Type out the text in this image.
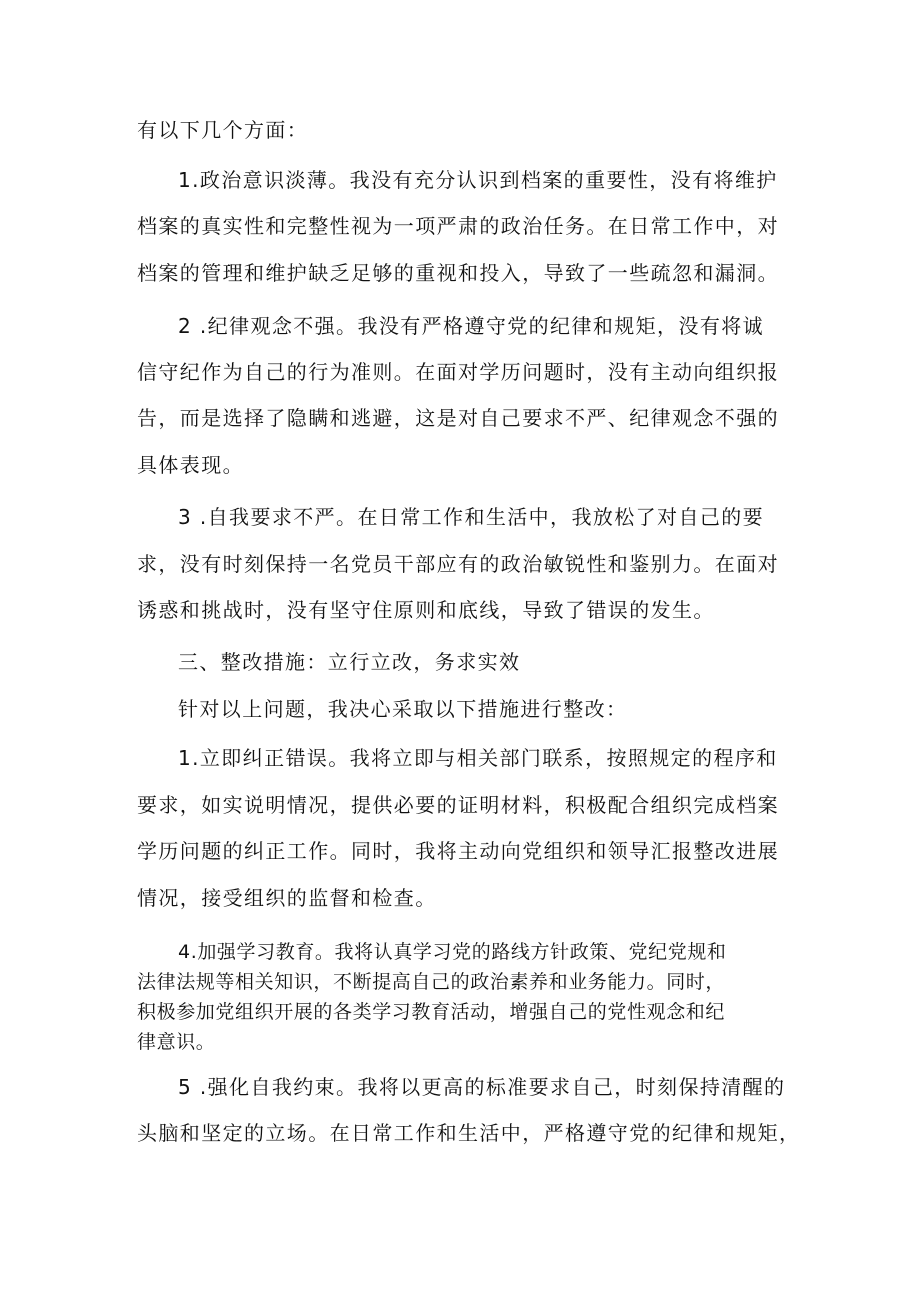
有以下几个方面：
1.政治意识淡薄。我没有充分认识到档案的重要性，没有将维护
档案的真实性和完整性视为一项严肃的政治任务。在日常工作中，对
档案的管理和维护缺乏足够的重视和投入，导致了一些疏忽和漏洞。
2 .纪律观念不强。我没有严格遵守党的纪律和规矩，没有将诚
信守纪作为自己的行为准则。在面对学历问题时，没有主动向组织报
告，而是选择了隐瞒和逃避，这是对自己要求不严、纪律观念不强的
具体表现。
3 .自我要求不严。在日常工作和生活中，我放松了对自己的要
求，没有时刻保持一名党员干部应有的政治敏锐性和鉴别力。在面对
诱惑和挑战时，没有坚守住原则和底线，导致了错误的发生。
三、整改措施：立行立改，务求实效
针对以上问题，我决心采取以下措施进行整改：
1.立即纠正错误。我将立即与相关部门联系，按照规定的程序和
要求，如实说明情况，提供必要的证明材料，积极配合组织完成档案
学历问题的纠正工作。同时，我将主动向党组织和领导汇报整改进展
情况，接受组织的监督和检查。
4.加强学习教育。我将认真学习党的路线方针政策、党纪党规和
法律法规等相关知识，不断提高自己的政治素养和业务能力。同时，
积极参加党组织开展的各类学习教育活动，增强自己的党性观念和纪
律意识。
5 .强化自我约束。我将以更高的标准要求自己，时刻保持清醒的
头脑和坚定的立场。在日常工作和生活中，严格遵守党的纪律和规矩，
